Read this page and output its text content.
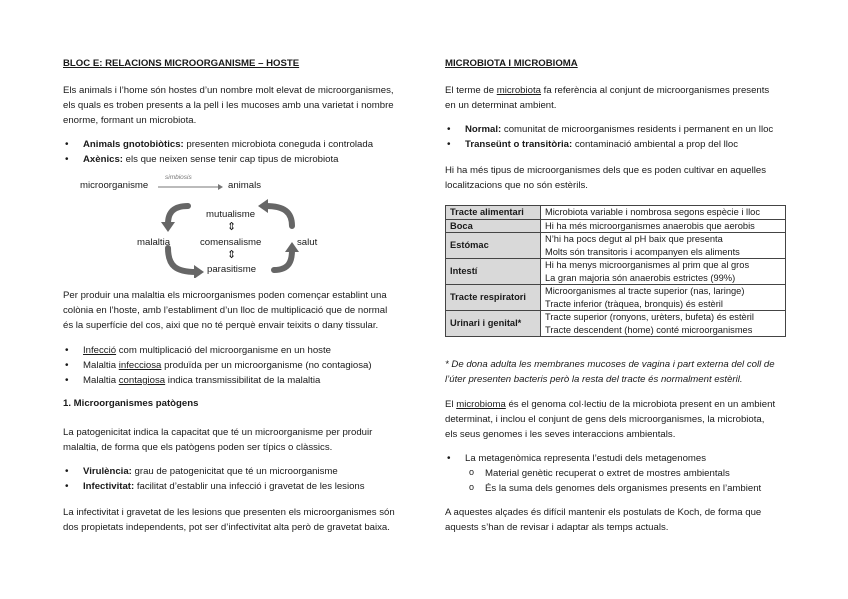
BLOC E: RELACIONS MICROORGANISME – HOSTE

Els animals i l’home són hostes d’un nombre molt elevat de microorganismes,

els quals es troben presents a la pell i les mucoses amb una varietat i nombre

enorme, formant un microbiota.

• Animals gnotobiòtics: presenten microbiota coneguda i controlada
• Axènics: els que neixen sense tenir cap tipus de microbiota
microorganisme
simbiosis
animals
mutualisme
⇕
comensalisme
⇕
parasitisme
malaltia	salut

Per produir una malaltia els microorganismes poden començar establint una

colònia en l’hoste, amb l’establiment d’un lloc de multiplicació que de normal

és la superfície del cos, aixi que no té perquè envair teixits o dany tissular.

• Infecció com multiplicació del microorganisme en un hoste
• Malaltia infecciosa produïda per un microorganisme (no contagiosa)
• Malaltia contagiosa indica transmissibilitat de la malaltia
1. Microorganismes patògens

La patogenicitat indica la capacitat que té un microorganisme per produir

malaltia, de forma que els patògens poden ser típics o clàssics.

• Virulència: grau de patogenicitat que té un microorganisme
• Infectivitat: facilitat d’establir una infecció i gravetat de les lesions

La infectivitat i gravetat de les lesions que presenten els microorganismes són

dos propietats independents, pot ser d’infectivitat alta però de gravetat baixa.

MICROBIOTA I MICROBIOMA

El terme de microbiota fa referència al conjunt de microorganismes presents

en un determinat ambient.

• Normal: comunitat de microorganismes residents i permanent en un lloc
• Transeünt o transitòria: contaminació ambiental a prop del lloc

Hi ha més tipus de microorganismes dels que es poden cultivar en aquelles

localitzacions que no són estèrils.

Tracte alimentari	Microbiota variable i nombrosa segons espècie i lloc

Boca	Hi ha més microorganismes anaerobis que aerobis

Estómac	N’hi ha pocs degut al pH baix que presenta
Molts són transitoris i acompanyen els aliments

Intestí	Hi ha menys microorganismes al prim que al gros
La gran majoria són anaerobis estrictes (99%)

Tracte respiratori	Microorganismes al tracte superior (nas, laringe)
Tracte inferior (tràquea, bronquis) és estèril

Urinari i genital*	Tracte superior (ronyons, urèters, bufeta) és estèril
Tracte descendent (home) conté microorganismes

* De dona adulta les membranes mucoses de vagina i part externa del coll de

l’úter presenten bacteris però la resta del tracte és normalment estèril.

El microbioma és el genoma col·lectiu de la microbiota present en un ambient

determinat, i inclou el conjunt de gens dels microorganismes, la microbiota,

els seus genomes i les seves interaccions ambientals.

• La metagenòmica representa l’estudi dels metagenomes
o Material genètic recuperat o extret de mostres ambientals
o És la suma dels genomes dels organismes presents en l’ambient

A aquestes alçades és difícil mantenir els postulats de Koch, de forma que

aquests s’han de revisar i adaptar als temps actuals.
